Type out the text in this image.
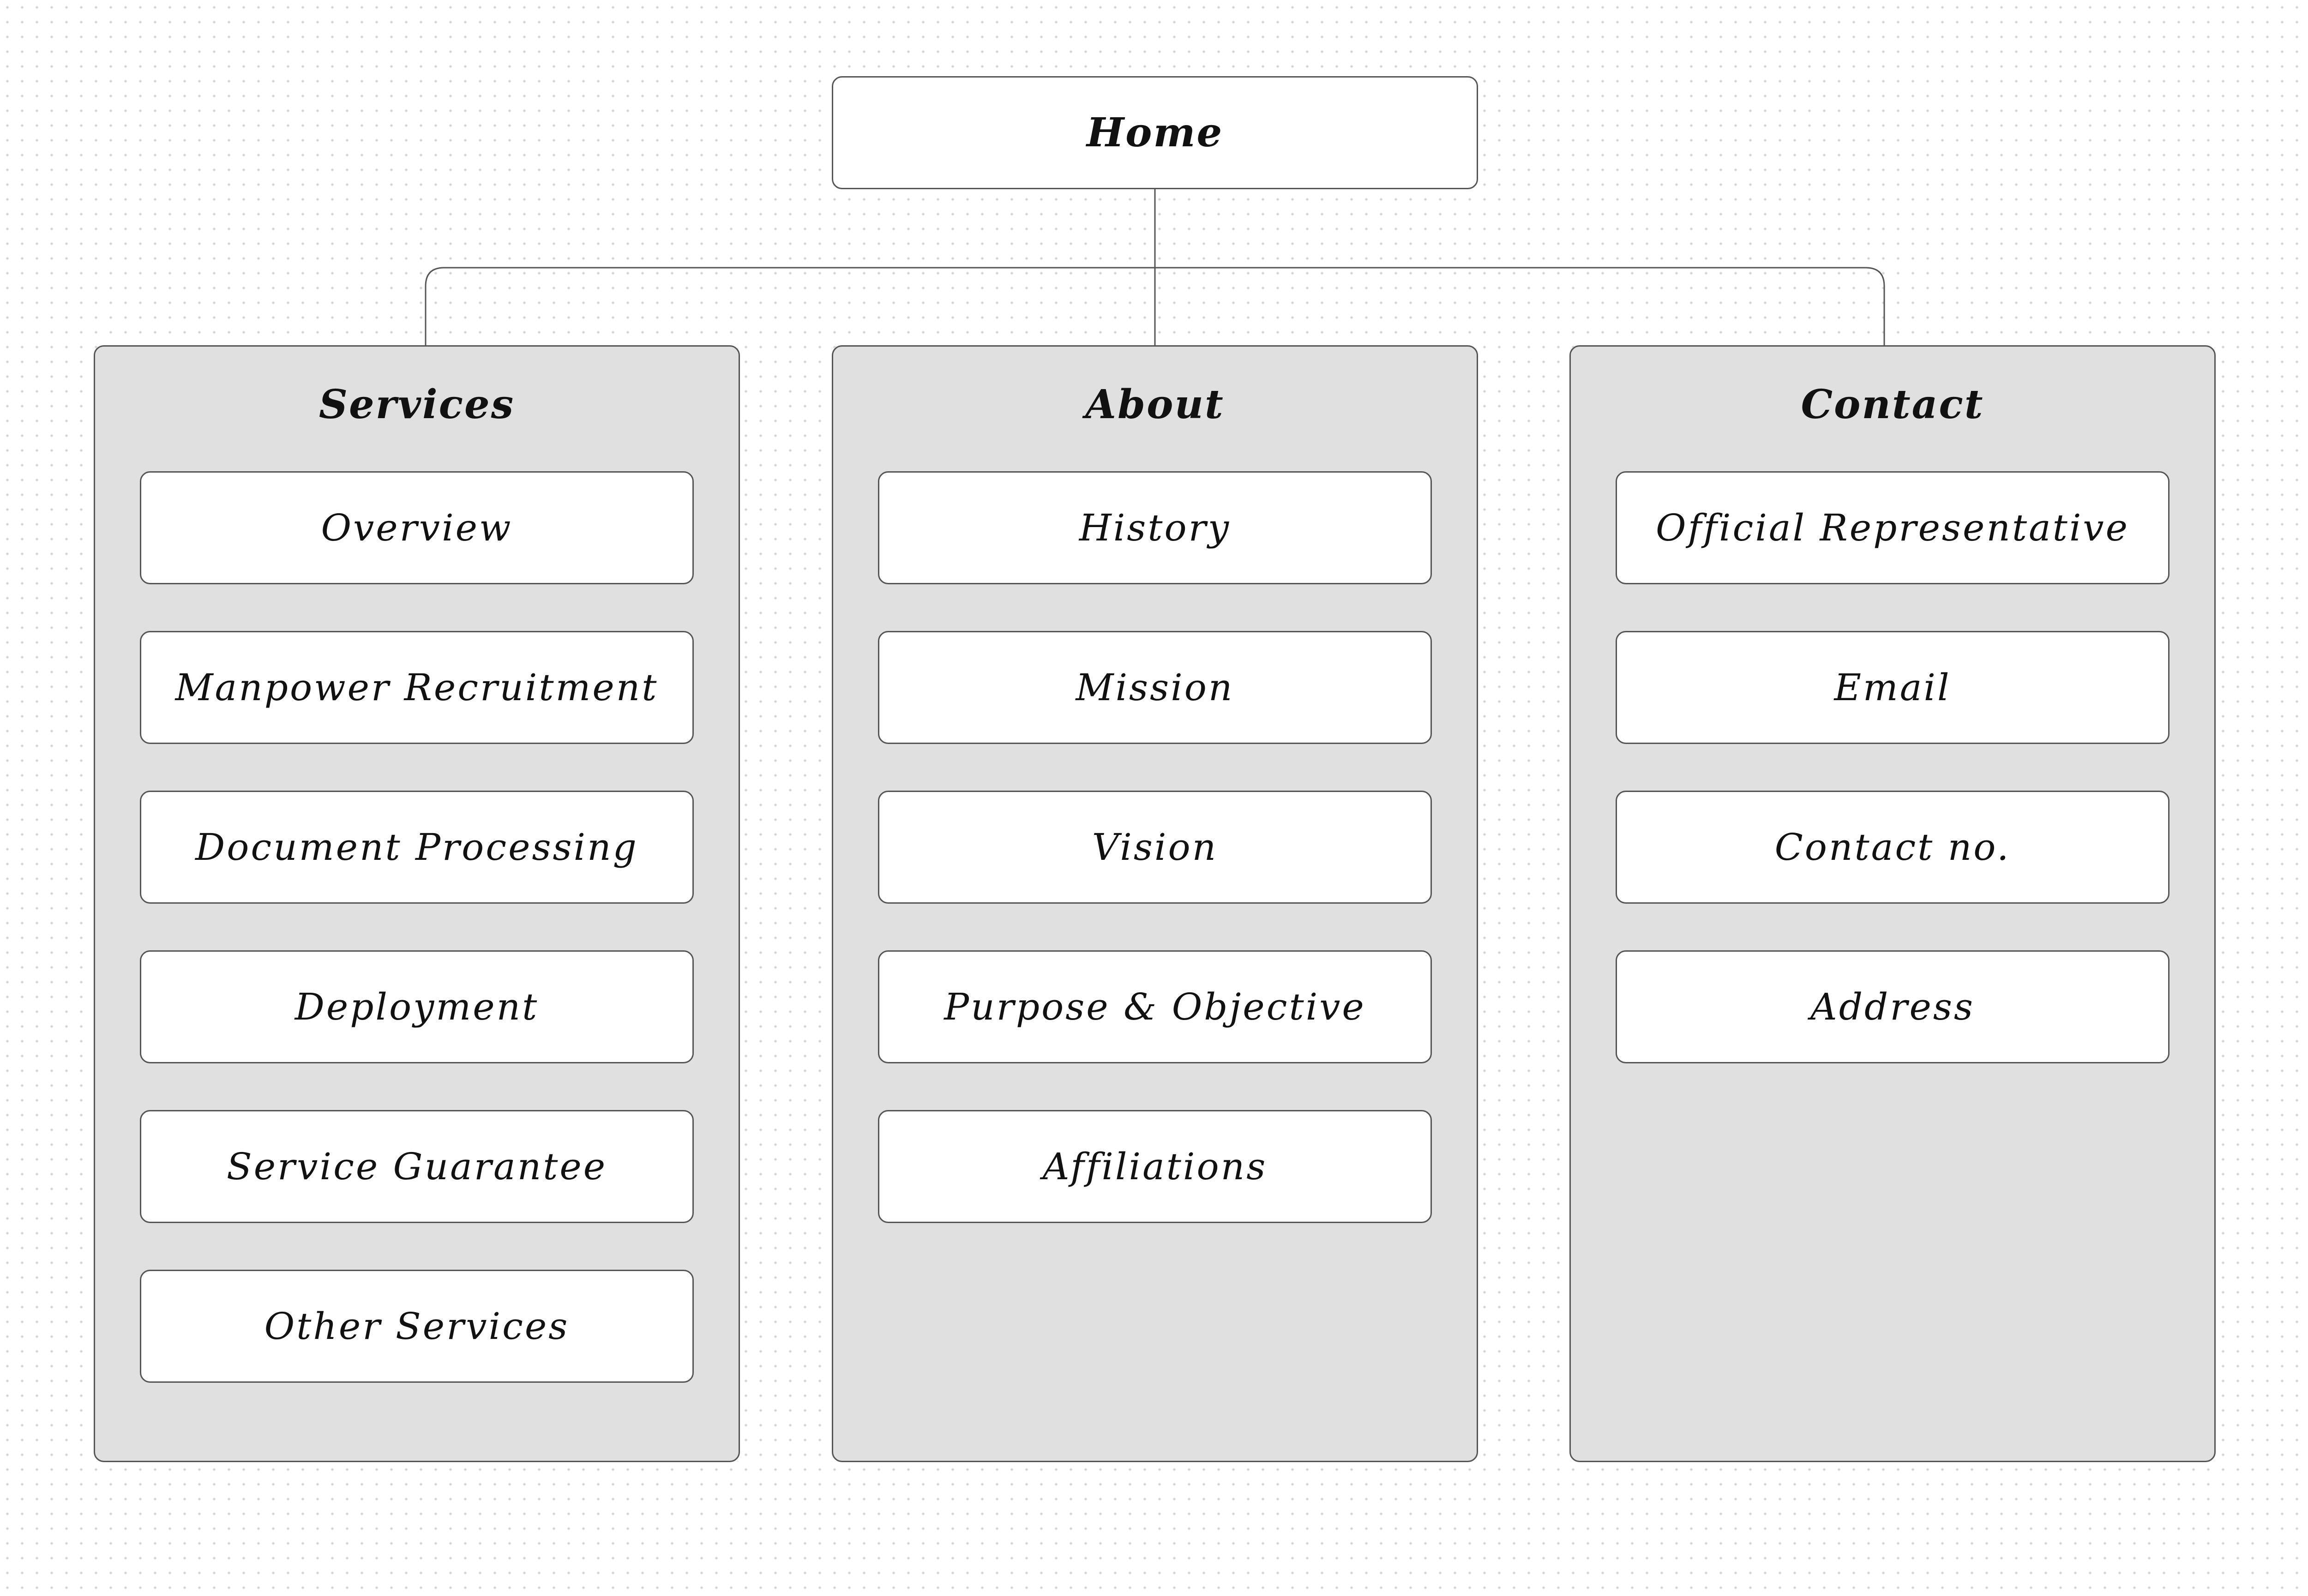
Home
Services
Overview
Manpower Recruitment
Document Processing
Deployment
Service Guarantee
Other Services
About
History
Mission
Vision
Purpose & Objective
Affiliations
Contact
Official Representative
Email
Contact no.
Address
